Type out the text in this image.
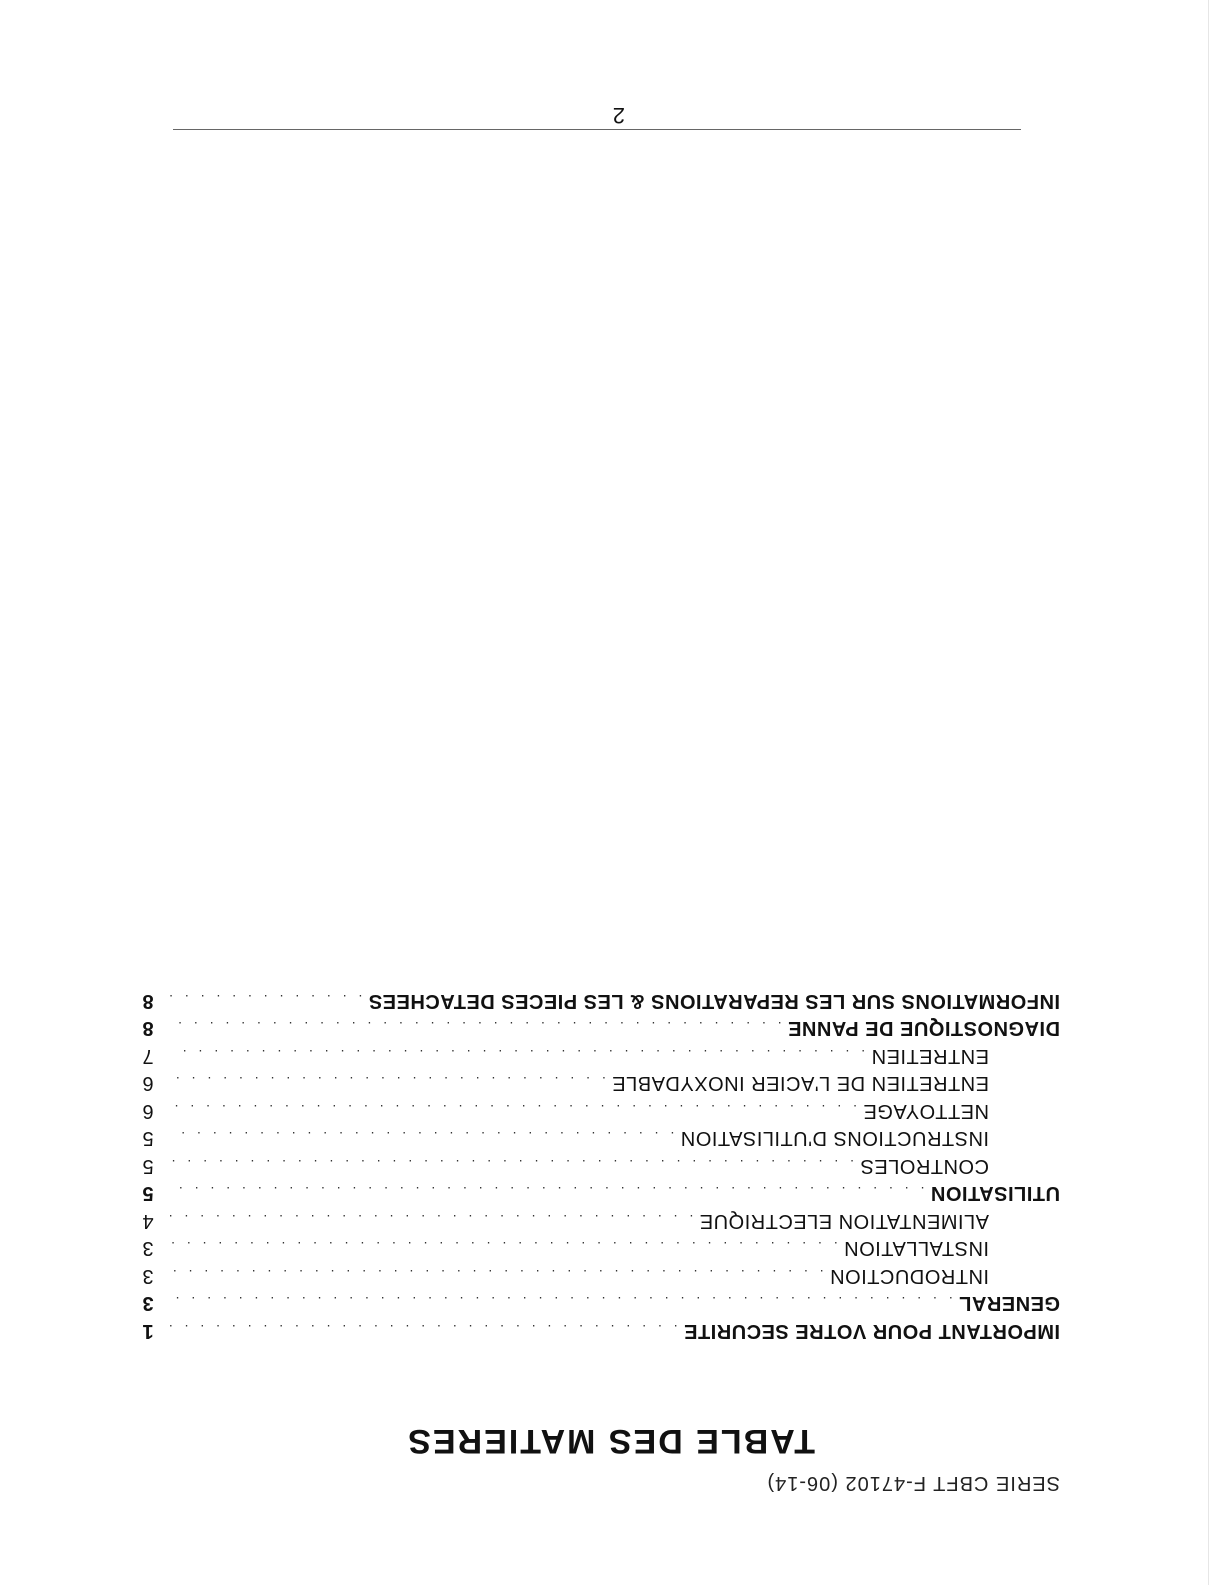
SERIE CBFT F-47102 (06-14)
TABLE DES MATIERES
IMPORTANT POUR VOTRE SECURITE
. . .
1
GENERAL
. . .
3
INTRODUCTION
. . .
3
INSTALLATION
. . .
3
ALIMENTATION ELECTRIQUE
. . .
4
UTILISATION
. . .
5
CONTROLES
. . .
5
INSTRUCTIONS D'UTILISATION
. . .
5
NETTOYAGE
. . .
6
ENTRETIEN DE L'ACIER INOXYDABLE
. . .
6
ENTRETIEN
. . .
7
DIAGNOSTIQUE DE PANNE
. . .
8
INFORMATIONS SUR LES REPARATIONS & LES PIECES DETACHEES
. . .
8
2
